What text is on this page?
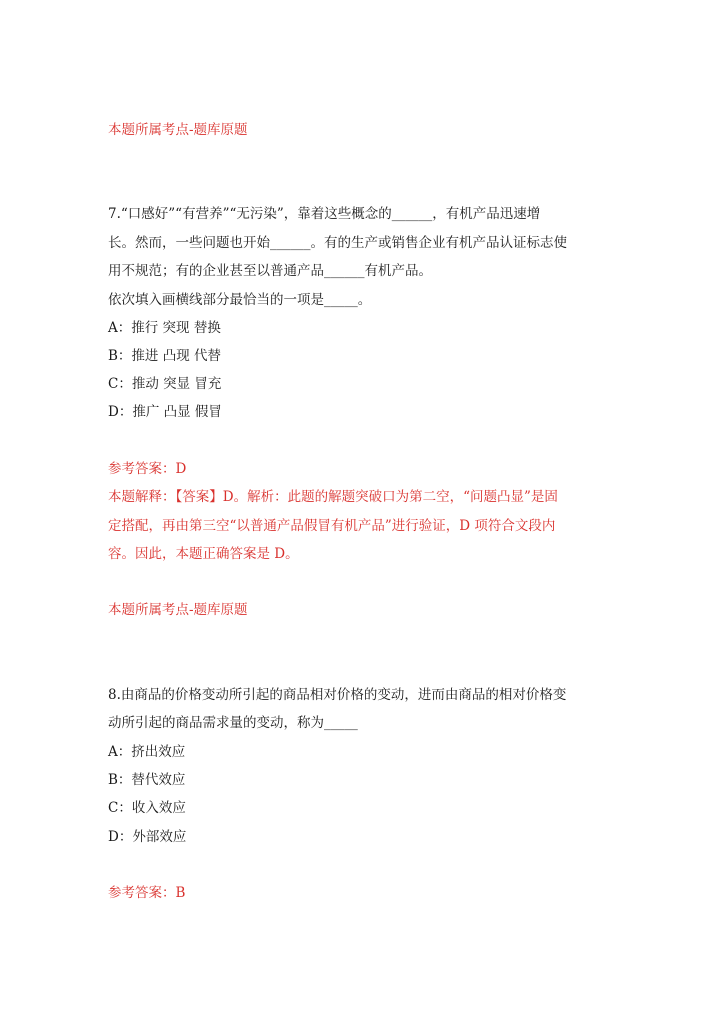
本题所属考点-题库原题
7.“口感好”“有营养”“无污染”，靠着这些概念的______，有机产品迅速增
长。然而，一些问题也开始______。有的生产或销售企业有机产品认证标志使
用不规范；有的企业甚至以普通产品______有机产品。
依次填入画横线部分最恰当的一项是_____。
A：推行 突现 替换
B：推进 凸现 代替
C：推动 突显 冒充
D：推广 凸显 假冒
参考答案：D
本题解释：【答案】D。解析：此题的解题突破口为第二空，“问题凸显”是固
定搭配，再由第三空“以普通产品假冒有机产品”进行验证，D 项符合文段内
容。因此，本题正确答案是 D。
本题所属考点-题库原题
8.由商品的价格变动所引起的商品相对价格的变动，进而由商品的相对价格变
动所引起的商品需求量的变动，称为_____
A：挤出效应
B：替代效应
C：收入效应
D：外部效应
参考答案：B
